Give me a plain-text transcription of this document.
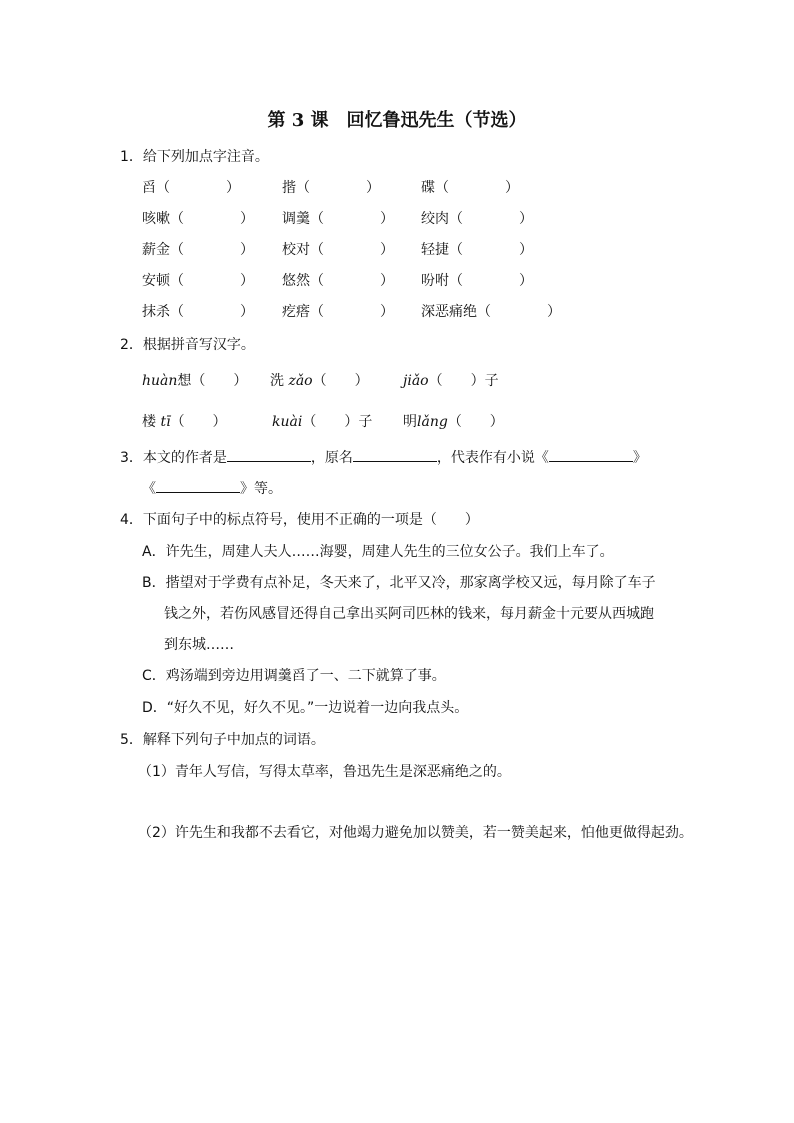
第 3 课　回忆鲁迅先生（节选）
1．给下列加点字注音。
舀（　　　　）	揩（　　　　）	碟（　　　　）
咳嗽（　　　　） 调羹（　　　　） 绞肉（　　　　）
薪金（　　　　） 校对（　　　　） 轻捷（　　　　）
安顿（　　　　） 悠然（　　　　） 吩咐（　　　　）
抹杀（　　　　） 疙瘩（　　　　） 深恶痛绝（　　　　）
2．根据拼音写汉字。
huàn想（　　） 洗 zǎo（　　） jiǎo（　　）子
楼 tī（　　）	kuài（　　）子 明lǎng（　　）
3．本文的作者是	，原名	，代表作有小说《	》
《	》等。
4．下面句子中的标点符号，使用不正确的一项是（　　）
A．许先生，周建人夫人……海婴，周建人先生的三位女公子。我们上车了。
B．揩望对于学费有点补足，冬天来了，北平又冷，那家离学校又远，每月除了车子
钱之外，若伤风感冒还得自己拿出买阿司匹林的钱来，每月薪金十元要从西城跑
到东城……
C．鸡汤端到旁边用调羹舀了一、二下就算了事。
D．“好久不见，好久不见。”一边说着一边向我点头。
5．解释下列句子中加点的词语。
（1）青年人写信，写得太草率，鲁迅先生是深恶痛绝之的。
（2）许先生和我都不去看它，对他竭力避免加以赞美，若一赞美起来，怕他更做得起劲。
